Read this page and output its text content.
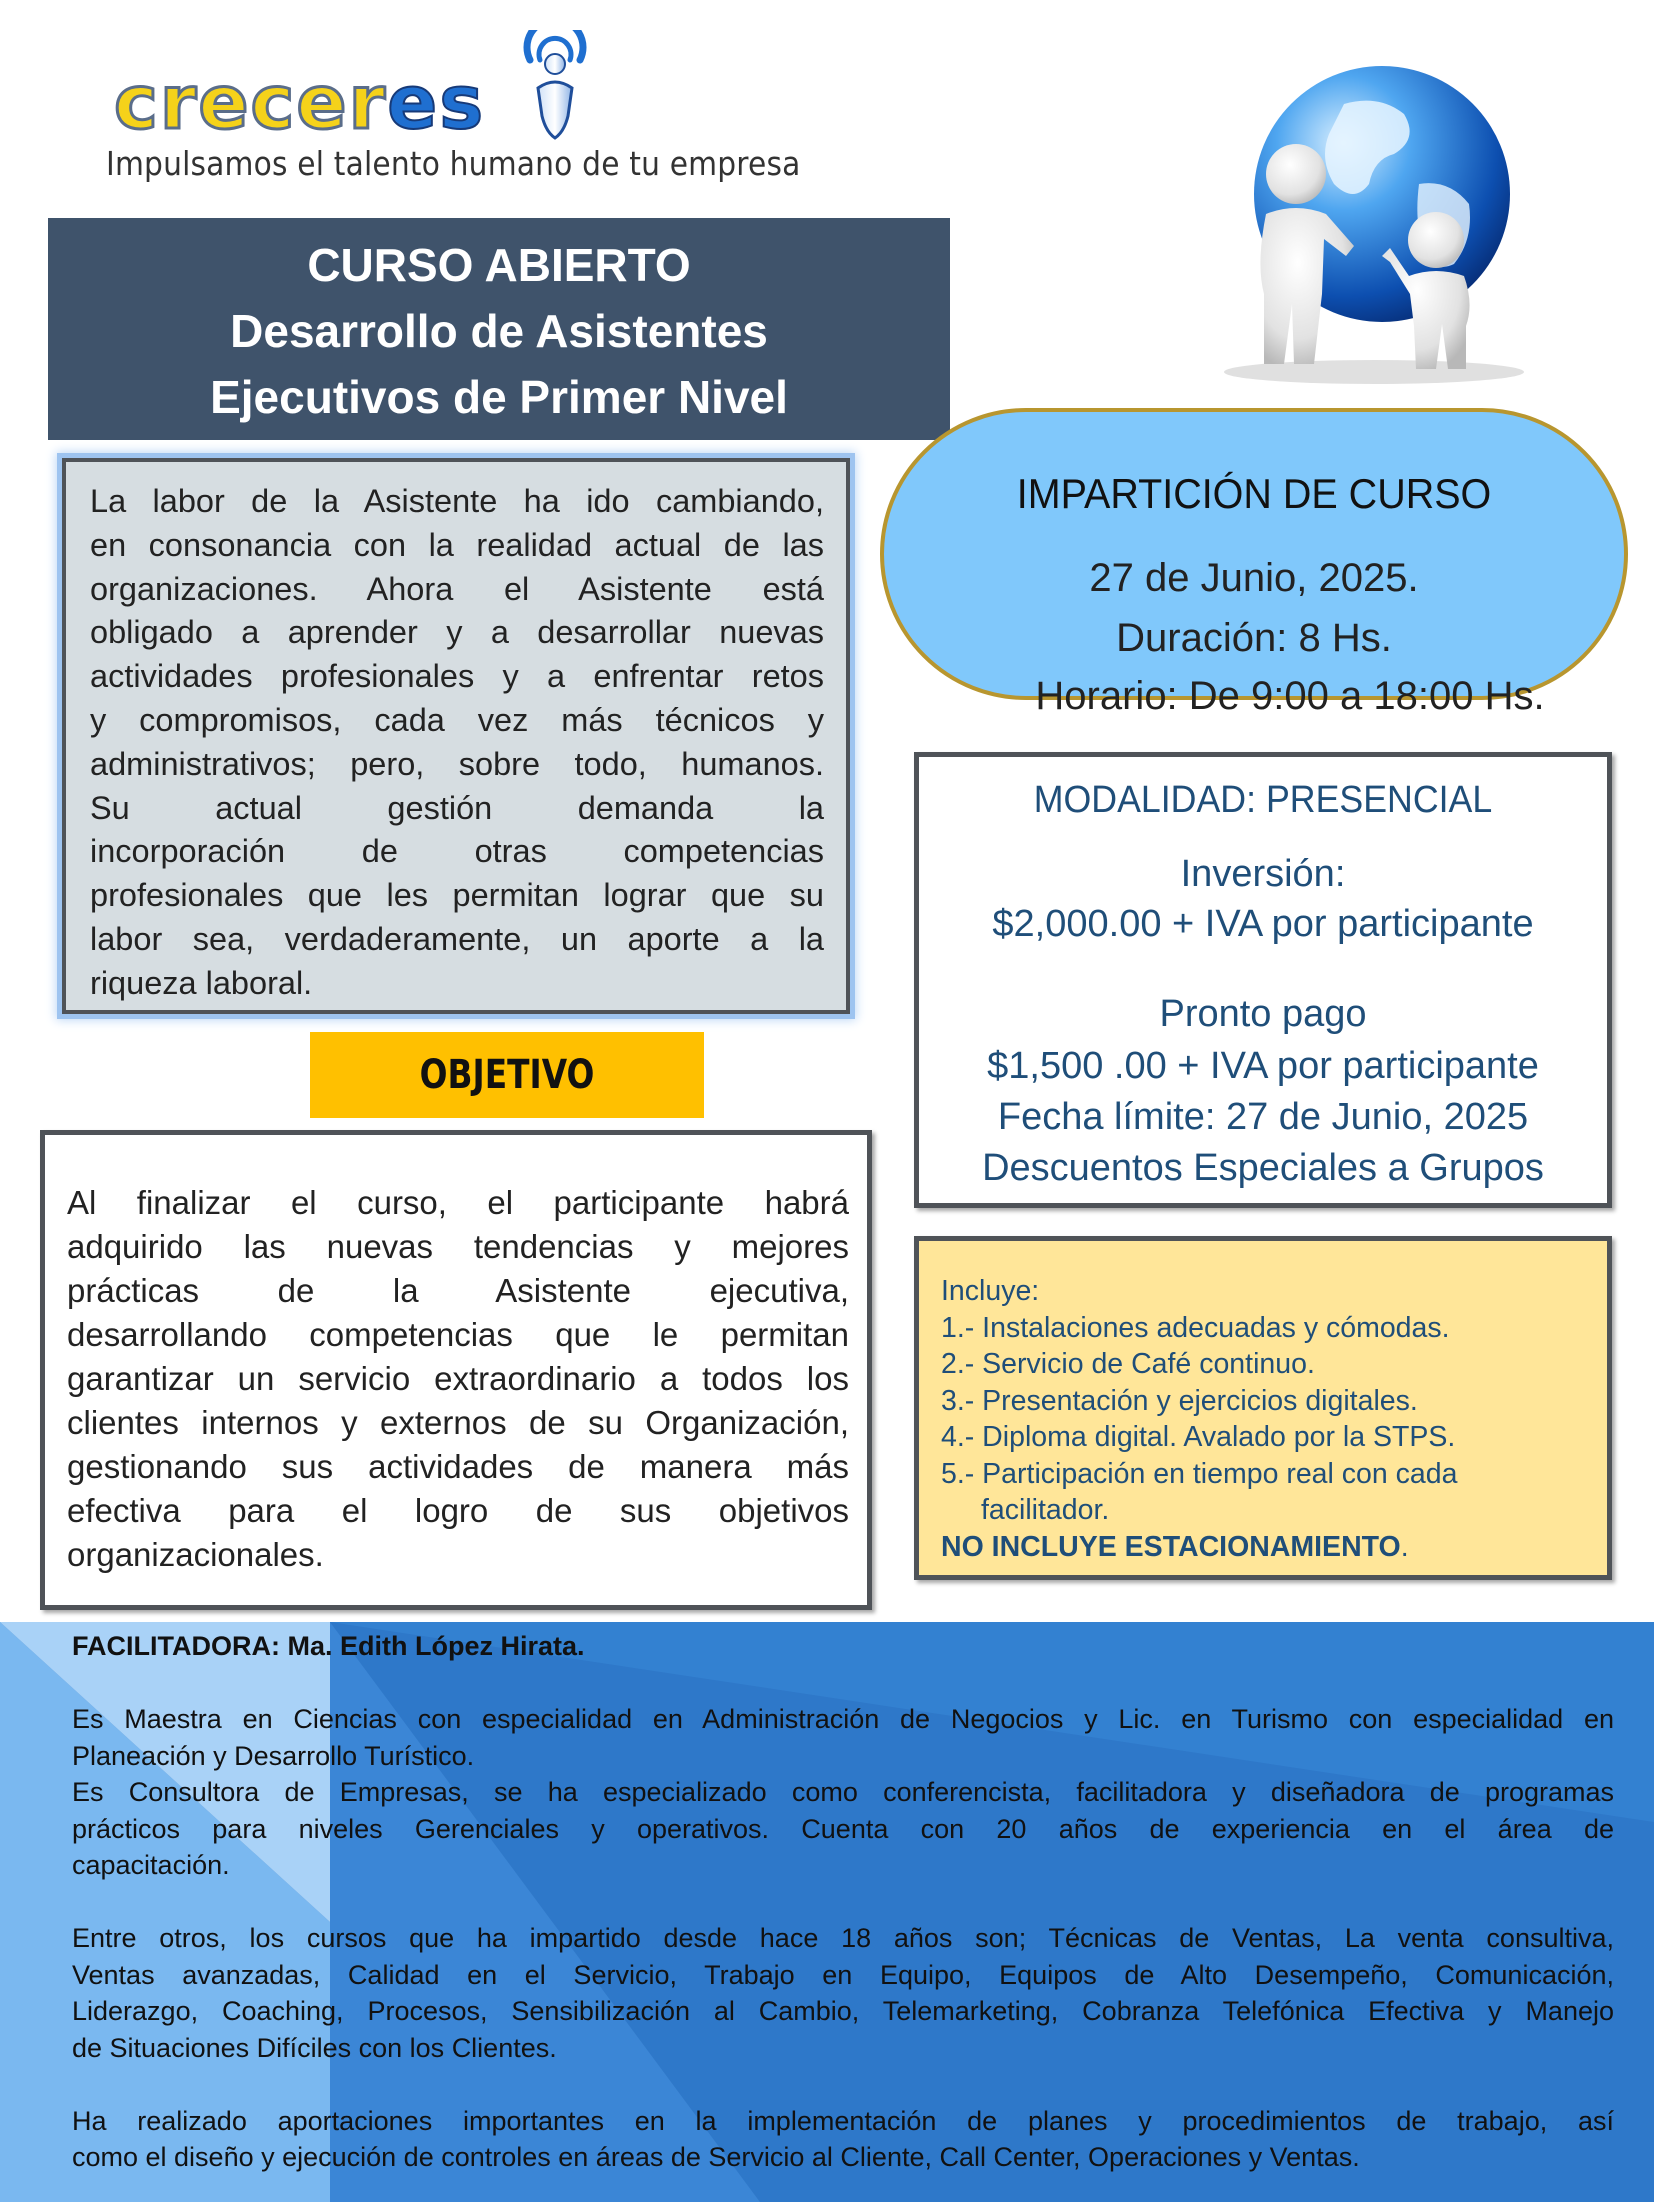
creceres
Impulsamos el talento humano de tu empresa
CURSO ABIERTO
Desarrollo de Asistentes
Ejecutivos de Primer Nivel
La labor de la Asistente ha ido cambiando,
en consonancia con la realidad actual de las
organizaciones. Ahora el Asistente está
obligado a aprender y a desarrollar nuevas
actividades profesionales y a enfrentar retos
y compromisos, cada vez más técnicos y
administrativos; pero, sobre todo, humanos.
Su actual gestión demanda la
incorporación de otras competencias
profesionales que les permitan lograr que su
labor sea, verdaderamente, un aporte a la
riqueza laboral.
IMPARTICIÓN DE CURSO
27 de Junio, 2025.
Duración: 8 Hs.
Horario: De 9:00 a 18:00 Hs.
MODALIDAD: PRESENCIAL
Inversión:
$2,000.00 + IVA por participante
Pronto pago
$1,500 .00 + IVA por participante
Fecha límite: 27 de Junio, 2025
Descuentos Especiales a Grupos
OBJETIVO
Al finalizar el curso, el participante habrá
adquirido las nuevas tendencias y mejores
prácticas de la Asistente ejecutiva,
desarrollando competencias que le permitan
garantizar un servicio extraordinario a todos los
clientes internos y externos de su Organización,
gestionando sus actividades de manera más
efectiva para el logro de sus objetivos
organizacionales.
Incluye:
1.- Instalaciones adecuadas y cómodas.
2.- Servicio de Café continuo.
3.- Presentación y ejercicios digitales.
4.- Diploma digital. Avalado por la STPS.
5.- Participación en tiempo real con cada
facilitador.
NO INCLUYE ESTACIONAMIENTO.

FACILITADORA: Ma. Edith López Hirata.

Es Maestra en Ciencias con especialidad en Administración de Negocios y Lic. en Turismo con especialidad en
Planeación y Desarrollo Turístico.
Es Consultora de Empresas, se ha especializado como conferencista, facilitadora y diseñadora de programas
prácticos para niveles Gerenciales y operativos. Cuenta con 20 años de experiencia en el área de
capacitación.

Entre otros, los cursos que ha impartido desde hace 18 años son; Técnicas de Ventas, La venta consultiva,
Ventas avanzadas, Calidad en el Servicio, Trabajo en Equipo, Equipos de Alto Desempeño, Comunicación,
Liderazgo, Coaching, Procesos, Sensibilización al Cambio, Telemarketing, Cobranza Telefónica Efectiva y Manejo
de Situaciones Difíciles con los Clientes.

Ha realizado aportaciones importantes en la implementación de planes y procedimientos de trabajo, así
como el diseño y ejecución de controles en áreas de Servicio al Cliente, Call Center, Operaciones y Ventas.
